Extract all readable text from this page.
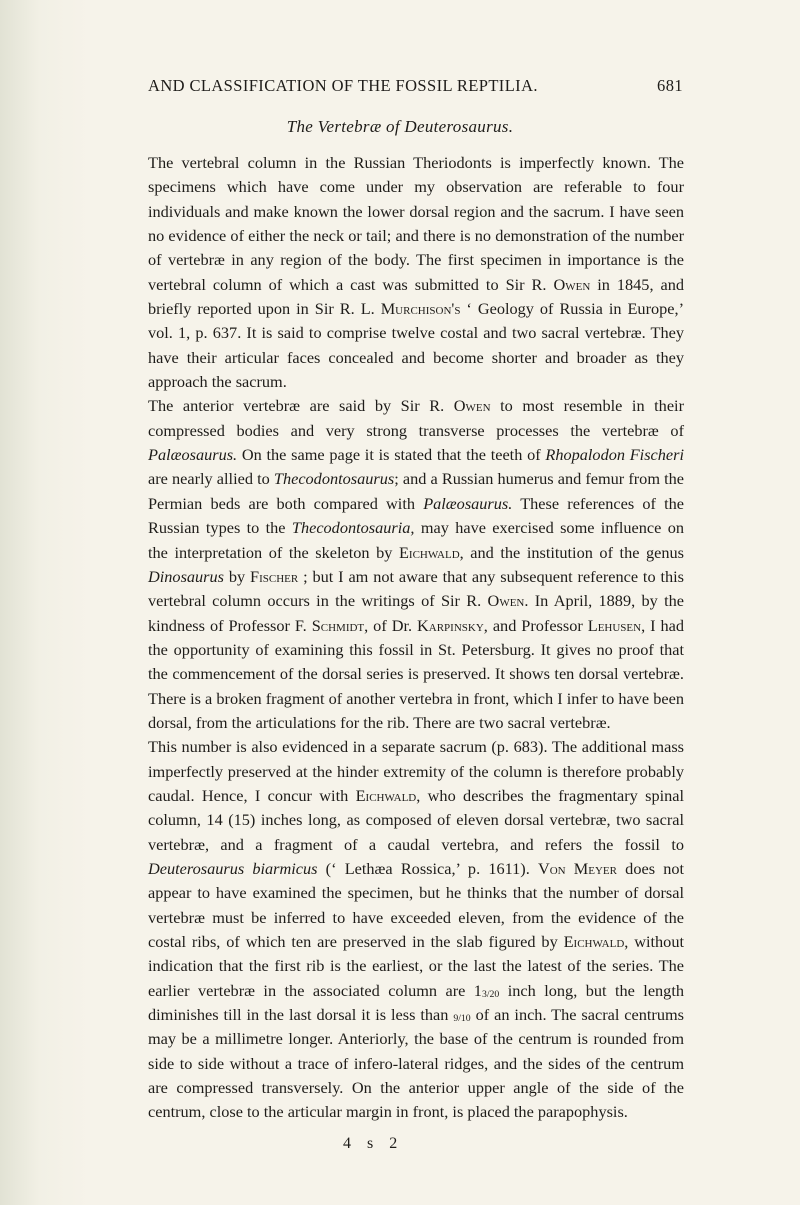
AND CLASSIFICATION OF THE FOSSIL REPTILIA.	681
The Vertebræ of Deuterosaurus.

The vertebral column in the Russian Theriodonts is imperfectly known. The specimens which have come under my observation are referable to four individuals and make known the lower dorsal region and the sacrum. I have seen no evidence of either the neck or tail; and there is no demonstration of the number of vertebræ in any region of the body. The first specimen in importance is the vertebral column of which a cast was submitted to Sir R. Owen in 1845, and briefly reported upon in Sir R. L. Murchison's ‘ Geology of Russia in Europe,’ vol. 1, p. 637. It is said to comprise twelve costal and two sacral vertebræ. They have their articular faces concealed and become shorter and broader as they approach the sacrum.

The anterior vertebræ are said by Sir R. Owen to most resemble in their compressed bodies and very strong transverse processes the vertebræ of Palæosaurus. On the same page it is stated that the teeth of Rhopalodon Fischeri are nearly allied to Thecodontosaurus; and a Russian humerus and femur from the Permian beds are both compared with Palæosaurus. These references of the Russian types to the Thecodontosauria, may have exercised some influence on the interpretation of the skeleton by Eichwald, and the institution of the genus Dinosaurus by Fischer ; but I am not aware that any subsequent reference to this vertebral column occurs in the writings of Sir R. Owen. In April, 1889, by the kindness of Professor F. Schmidt, of Dr. Karpinsky, and Professor Lehusen, I had the opportunity of examining this fossil in St. Petersburg. It gives no proof that the commencement of the dorsal series is preserved. It shows ten dorsal vertebræ. There is a broken fragment of another vertebra in front, which I infer to have been dorsal, from the articulations for the rib. There are two sacral vertebræ.

This number is also evidenced in a separate sacrum (p. 683). The additional mass imperfectly preserved at the hinder extremity of the column is therefore probably caudal. Hence, I concur with Eichwald, who describes the fragmentary spinal column, 14 (15) inches long, as composed of eleven dorsal vertebræ, two sacral vertebræ, and a fragment of a caudal vertebra, and refers the fossil to Deuterosaurus biarmicus (‘ Lethæa Rossica,’ p. 1611). Von Meyer does not appear to have examined the specimen, but he thinks that the number of dorsal vertebræ must be inferred to have exceeded eleven, from the evidence of the costal ribs, of which ten are preserved in the slab figured by Eichwald, without indication that the first rib is the earliest, or the last the latest of the series. The earlier vertebræ in the associated column are 13/20 inch long, but the length diminishes till in the last dorsal it is less than 9/10 of an inch. The sacral centrums may be a millimetre longer. Anteriorly, the base of the centrum is rounded from side to side without a trace of infero-lateral ridges, and the sides of the centrum are compressed transversely. On the anterior upper angle of the side of the centrum, close to the articular margin in front, is placed the parapophysis.

4 s 2
